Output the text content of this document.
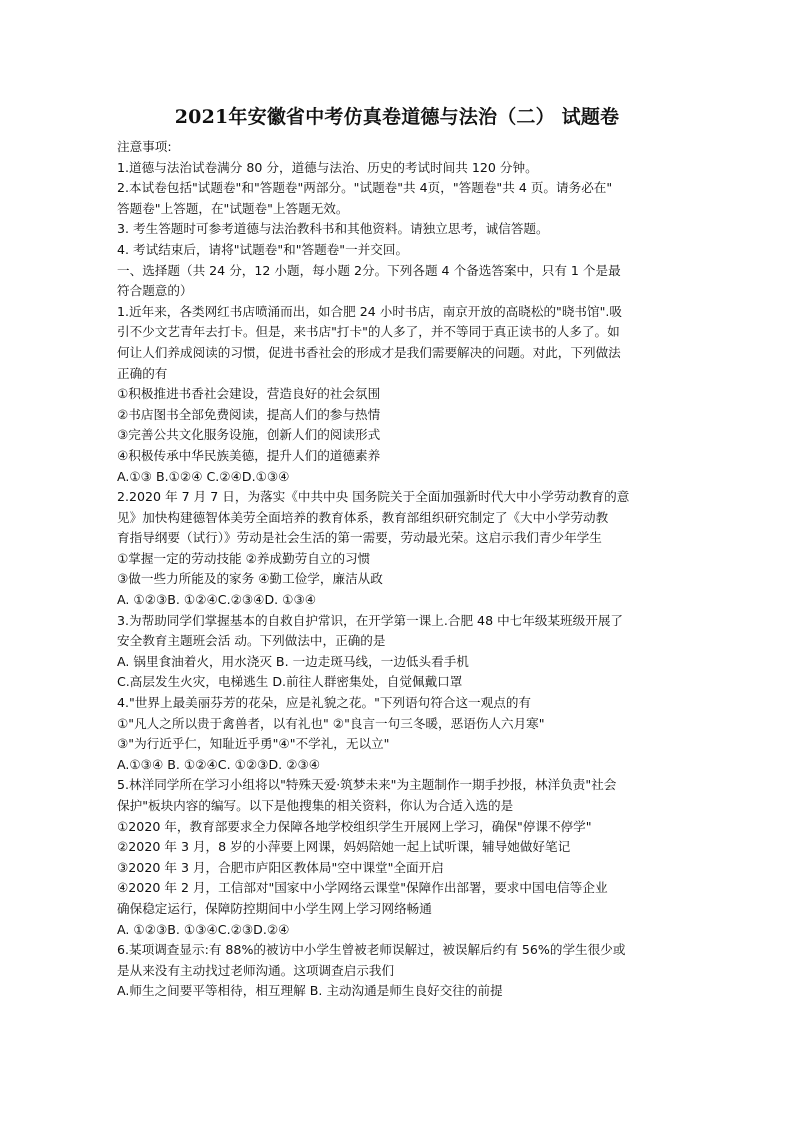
2021年安徽省中考仿真卷道德与法治（二） 试题卷

注意事项:

1.道德与法治试卷满分 80 分，道德与法治、历史的考试时间共 120 分钟。

2.本试卷包括"试题卷"和"答题卷"两部分。"试题卷"共 4页，"答题卷"共 4 页。请务必在"

答题卷"上答题，在"试题卷"上答题无效。

3. 考生答题时可参考道德与法治教科书和其他资料。请独立思考，诚信答题。

4. 考试结束后，请将"试题卷"和"答题卷"一并交回。

一、选择题（共 24 分，12 小题，每小题 2分。下列各题 4 个备选答案中，只有 1 个是最

符合题意的）

1.近年来，各类网红书店喷涌而出，如合肥 24 小时书店，南京开放的高晓松的"晓书馆".吸

引不少文艺青年去打卡。但是，来书店"打卡"的人多了，并不等同于真正读书的人多了。如

何让人们养成阅读的习惯，促进书香社会的形成才是我们需要解决的问题。对此，下列做法

正确的有

①积极推进书香社会建设，营造良好的社会氛围

②书店图书全部免费阅读，提高人们的参与热情

③完善公共文化服务设施，创新人们的阅读形式

④积极传承中华民族美德，提升人们的道德素养

A.①③ B.①②④ C.②④D.①③④

2.2020 年 7 月 7 日，为落实《中共中央 国务院关于全面加强新时代大中小学劳动教育的意

见》加快构建德智体美劳全面培养的教育体系，教育部组织研究制定了《大中小学劳动教

育指导纲要（试行）》劳动是社会生活的第一需要，劳动最光荣。这启示我们青少年学生

①掌握一定的劳动技能 ②养成勤劳自立的习惯

③做一些力所能及的家务 ④勤工俭学，廉洁从政

A. ①②③B. ①②④C.②③④D. ①③④

3.为帮助同学们掌握基本的自救自护常识，在开学第一课上.合肥 48 中七年级某班级开展了

安全教育主题班会活 动。下列做法中，正确的是

A. 锅里食油着火，用水浇灭 B. 一边走斑马线，一边低头看手机

C.高层发生火灾，电梯逃生 D.前往人群密集处，自觉佩戴口罩

4."世界上最美丽芬芳的花朵，应是礼貌之花。"下列语句符合这一观点的有

①"凡人之所以贵于禽兽者，以有礼也" ②"良言一句三冬暖，恶语伤人六月寒"

③"为行近乎仁，知耻近乎勇"④"不学礼，无以立"

A.①③④ B. ①②④C. ①②③D. ②③④

5.林洋同学所在学习小组将以"特殊天爱·筑梦未来"为主题制作一期手抄报，林洋负责"社会

保护"板块内容的编写。以下是他搜集的相关资料，你认为合适入选的是

①2020 年，教育部要求全力保障各地学校组织学生开展网上学习，确保"停课不停学"

②2020 年 3 月，8 岁的小萍要上网课，妈妈陪她一起上试听课，辅导她做好笔记

③2020 年 3 月，合肥市庐阳区教体局"空中课堂"全面开启

④2020 年 2 月，工信部对"国家中小学网络云课堂"保障作出部署，要求中国电信等企业

确保稳定运行，保障防控期间中小学生网上学习网络畅通

A. ①②③B. ①③④C.②③D.②④

6.某项调查显示:有 88%的被访中小学生曾被老师误解过，被误解后约有 56%的学生很少或

是从来没有主动找过老师沟通。这项调查启示我们

A.师生之间要平等相待，相互理解 B. 主动沟通是师生良好交往的前提
